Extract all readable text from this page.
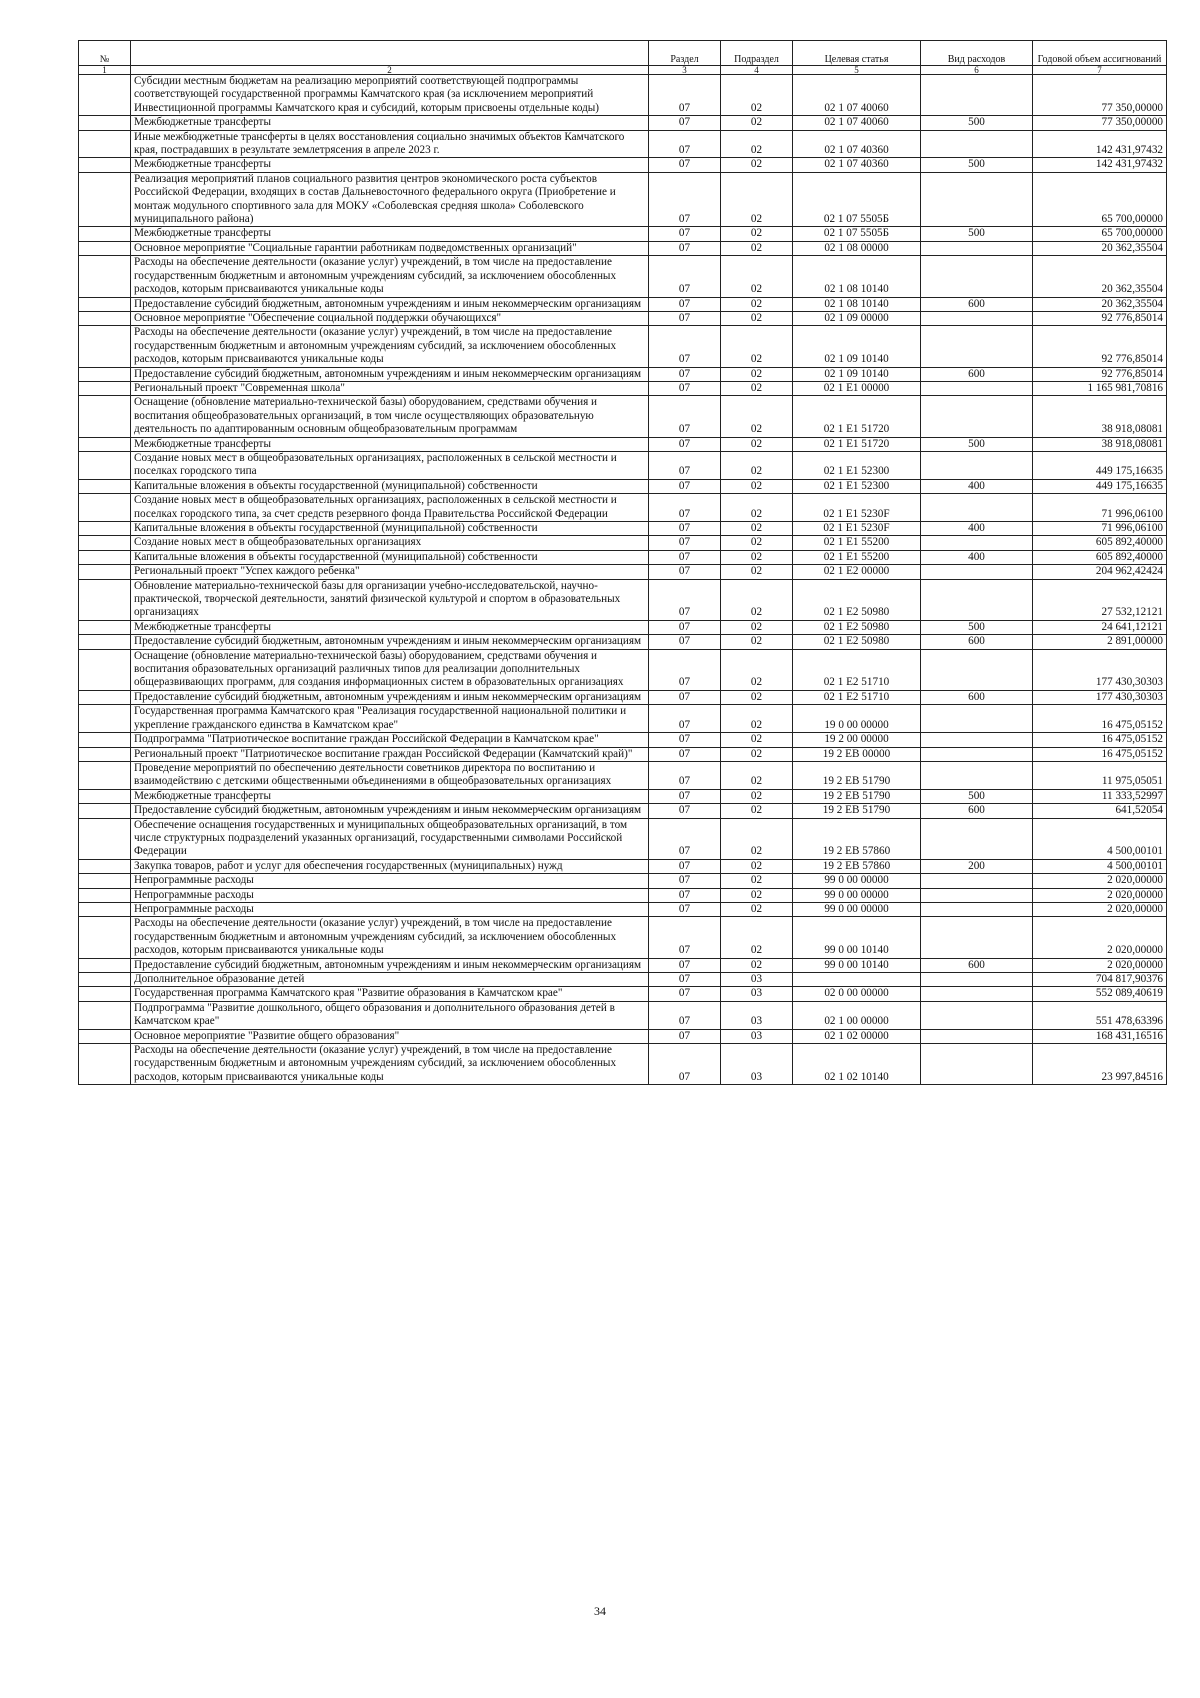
№		Раздел	Подраздел	Целевая статья	Вид расходов	Годовой объем ассигнований
1	2	3	4	5	6	7
	Субсидии местным бюджетам на реализацию мероприятий соответствующей подпрограммы соответствующей государственной программы Камчатского края (за исключением мероприятий Инвестиционной программы Камчатского края и субсидий, которым присвоены отдельные коды)	07	02	02 1 07 40060		77 350,00000
	Межбюджетные трансферты	07	02	02 1 07 40060	500	77 350,00000
	Иные межбюджетные трансферты в целях восстановления социально значимых объектов Камчатского края, пострадавших в результате землетрясения в апреле 2023 г.	07	02	02 1 07 40360		142 431,97432
	Межбюджетные трансферты	07	02	02 1 07 40360	500	142 431,97432
	Реализация мероприятий планов социального развития центров экономического роста субъектов Российской Федерации, входящих в состав Дальневосточного федерального округа (Приобретение и монтаж модульного спортивного зала для МОКУ «Соболевская средняя школа» Соболевского муниципального района)	07	02	02 1 07 5505Б		65 700,00000
	Межбюджетные трансферты	07	02	02 1 07 5505Б	500	65 700,00000
	Основное мероприятие "Социальные гарантии работникам подведомственных организаций"	07	02	02 1 08 00000		20 362,35504
	Расходы на обеспечение деятельности (оказание услуг) учреждений, в том числе на предоставление государственным бюджетным и автономным учреждениям субсидий, за исключением обособленных расходов, которым присваиваются уникальные коды	07	02	02 1 08 10140		20 362,35504
	Предоставление субсидий бюджетным, автономным учреждениям и иным некоммерческим организациям	07	02	02 1 08 10140	600	20 362,35504
	Основное мероприятие "Обеспечение социальной поддержки обучающихся"	07	02	02 1 09 00000		92 776,85014
	Расходы на обеспечение деятельности (оказание услуг) учреждений, в том числе на предоставление государственным бюджетным и автономным учреждениям субсидий, за исключением обособленных расходов, которым присваиваются уникальные коды	07	02	02 1 09 10140		92 776,85014
	Предоставление субсидий бюджетным, автономным учреждениям и иным некоммерческим организациям	07	02	02 1 09 10140	600	92 776,85014
	Региональный проект "Современная школа"	07	02	02 1 E1 00000		1 165 981,70816
	Оснащение (обновление материально-технической базы) оборудованием, средствами обучения и воспитания общеобразовательных организаций, в том числе осуществляющих образовательную деятельность по адаптированным основным общеобразовательным программам	07	02	02 1 E1 51720		38 918,08081
	Межбюджетные трансферты	07	02	02 1 E1 51720	500	38 918,08081
	Создание новых мест в общеобразовательных организациях, расположенных в сельской местности и поселках городского типа	07	02	02 1 E1 52300		449 175,16635
	Капитальные вложения в объекты государственной (муниципальной) собственности	07	02	02 1 E1 52300	400	449 175,16635
	Создание новых мест в общеобразовательных организациях, расположенных в сельской местности и поселках городского типа, за счет средств резервного фонда Правительства Российской Федерации	07	02	02 1 E1 5230F		71 996,06100
	Капитальные вложения в объекты государственной (муниципальной) собственности	07	02	02 1 E1 5230F	400	71 996,06100
	Создание новых мест в общеобразовательных организациях	07	02	02 1 E1 55200		605 892,40000
	Капитальные вложения в объекты государственной (муниципальной) собственности	07	02	02 1 E1 55200	400	605 892,40000
	Региональный проект "Успех каждого ребенка"	07	02	02 1 E2 00000		204 962,42424
	Обновление материально-технической базы для организации учебно-исследовательской, научно-практической, творческой деятельности, занятий физической культурой и спортом в образовательных организациях	07	02	02 1 E2 50980		27 532,12121
	Межбюджетные трансферты	07	02	02 1 E2 50980	500	24 641,12121
	Предоставление субсидий бюджетным, автономным учреждениям и иным некоммерческим организациям	07	02	02 1 E2 50980	600	2 891,00000
	Оснащение (обновление материально-технической базы) оборудованием, средствами обучения и воспитания образовательных организаций различных типов для реализации дополнительных общеразвивающих программ, для создания информационных систем в образовательных организациях	07	02	02 1 E2 51710		177 430,30303
	Предоставление субсидий бюджетным, автономным учреждениям и иным некоммерческим организациям	07	02	02 1 E2 51710	600	177 430,30303
	Государственная программа Камчатского края "Реализация государственной национальной политики и укрепление гражданского единства в Камчатском крае"	07	02	19 0 00 00000		16 475,05152
	Подпрограмма "Патриотическое воспитание граждан Российской Федерации в Камчатском крае"	07	02	19 2 00 00000		16 475,05152
	Региональный проект "Патриотическое воспитание граждан Российской Федерации (Камчатский край)"	07	02	19 2 EB 00000		16 475,05152
	Проведение мероприятий по обеспечению деятельности советников директора по воспитанию и взаимодействию с детскими общественными объединениями в общеобразовательных организациях	07	02	19 2 EB 51790		11 975,05051
	Межбюджетные трансферты	07	02	19 2 EB 51790	500	11 333,52997
	Предоставление субсидий бюджетным, автономным учреждениям и иным некоммерческим организациям	07	02	19 2 EB 51790	600	641,52054
	Обеспечение оснащения государственных и муниципальных общеобразовательных организаций, в том числе структурных подразделений указанных организаций, государственными символами Российской Федерации	07	02	19 2 EB 57860		4 500,00101
	Закупка товаров, работ и услуг для обеспечения государственных (муниципальных) нужд	07	02	19 2 EB 57860	200	4 500,00101
	Непрограммные расходы	07	02	99 0 00 00000		2 020,00000
	Непрограммные расходы	07	02	99 0 00 00000		2 020,00000
	Непрограммные расходы	07	02	99 0 00 00000		2 020,00000
	Расходы на обеспечение деятельности (оказание услуг) учреждений, в том числе на предоставление государственным бюджетным и автономным учреждениям субсидий, за исключением обособленных расходов, которым присваиваются уникальные коды	07	02	99 0 00 10140		2 020,00000
	Предоставление субсидий бюджетным, автономным учреждениям и иным некоммерческим организациям	07	02	99 0 00 10140	600	2 020,00000
	Дополнительное образование детей	07	03			704 817,90376
	Государственная программа Камчатского края "Развитие образования в Камчатском крае"	07	03	02 0 00 00000		552 089,40619
	Подпрограмма "Развитие дошкольного, общего образования и дополнительного образования детей в Камчатском крае"	07	03	02 1 00 00000		551 478,63396
	Основное мероприятие "Развитие общего образования"	07	03	02 1 02 00000		168 431,16516
	Расходы на обеспечение деятельности (оказание услуг) учреждений, в том числе на предоставление государственным бюджетным и автономным учреждениям субсидий, за исключением обособленных расходов, которым присваиваются уникальные коды	07	03	02 1 02 10140		23 997,84516
34
